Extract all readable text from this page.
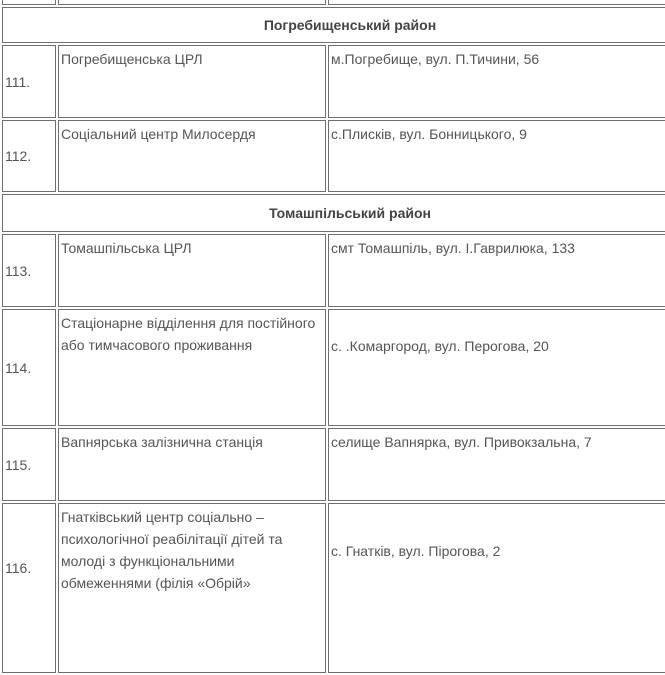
Погребищенський район		
111.	Погребищенська ЦРЛ	м.Погребище, вул. П.Тичини, 56
112.	Соціальний центр Милосердя	с.Плисків, вул. Бонницького, 9
Томашпільський район		
113.	Томашпільська ЦРЛ	смт Томашпіль, вул. І.Гаврилюка, 133
114.	Стаціонарне відділення для постійного або тимчасового проживання	с. .Комаргород, вул. Перогова, 20
115.	Вапнярська залізнична станція	селище Вапнярка, вул. Привокзальна, 7
116.	Гнатківський центр соціально – психологічної реабілітації дітей та молоді з функціональними обмеженнями (філія «Обрій»	с. Гнатків, вул. Пірогова, 2
